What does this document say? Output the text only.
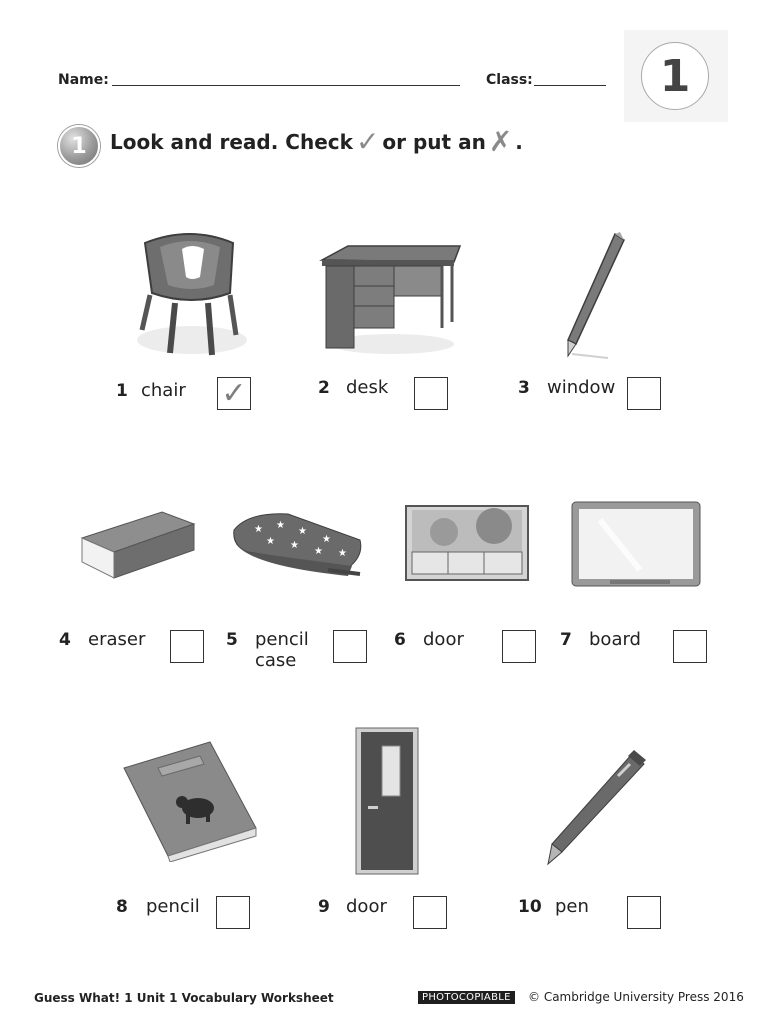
Name:	Class:	1
1	Look and read. Check ✓ or put an ✗ .
1 chair ✓	2 desk	3 window
★ ★
★
★
★ ★
★ ★
4 eraser	5 pencil
case
6 door	7 board
8 pencil	9 door	10 pen
Guess What! 1 Unit 1 Vocabulary Worksheet	PHOTOCOPIABLE	© Cambridge University Press 2016
